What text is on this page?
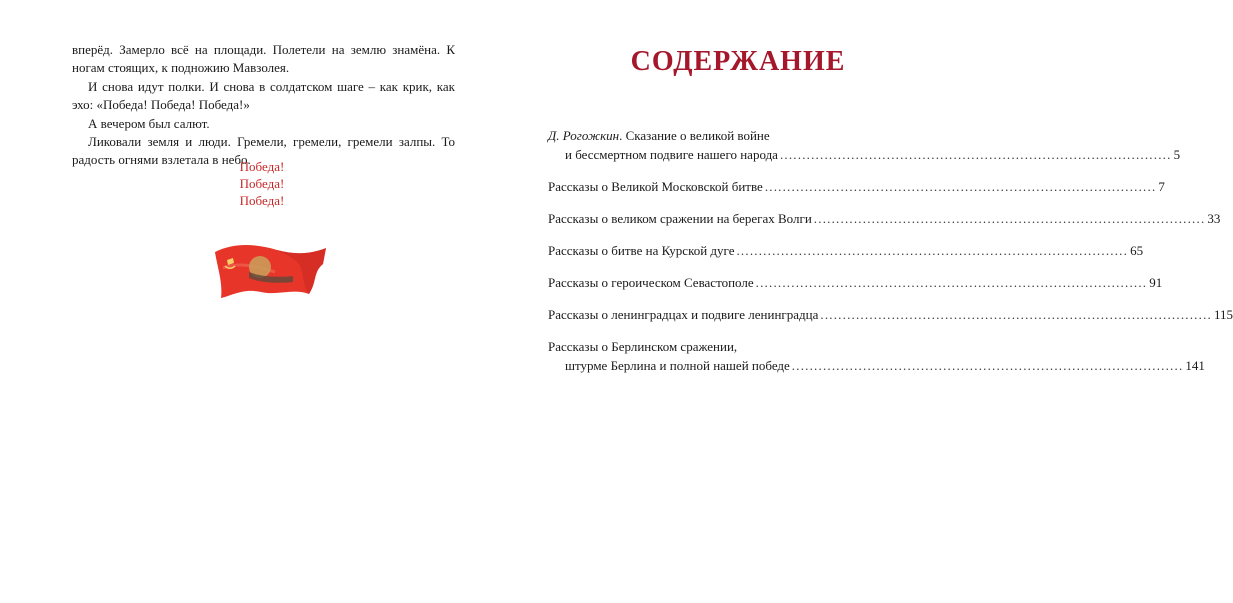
вперёд. Замерло всё на площади. Полетели на землю знамёна. К ногам стоящих, к подножию Мавзолея.

И снова идут полки. И снова в солдатском шаге – как крик, как эхо: «Победа! Победа! Победа!»

А вечером был салют.

Ликовали земля и люди. Гремели, гремели, гремели залпы. То радость огнями взлетала в небо.

Победа!
Победа!
Победа!
СОДЕРЖАНИЕ
Д. Рогожкин. Сказание о великой войне
и бессмертном подвиге нашего народа ........................................................................................ 5
Рассказы о Великой Московской битве ........................................................................................ 7
Рассказы о великом сражении на берегах Волги ........................................................................................ 33
Рассказы о битве на Курской дуге ........................................................................................ 65
Рассказы о героическом Севастополе ........................................................................................ 91
Рассказы о ленинградцах и подвиге ленинградца ........................................................................................ 115
Рассказы о Берлинском сражении,
штурме Берлина и полной нашей победе ........................................................................................ 141
